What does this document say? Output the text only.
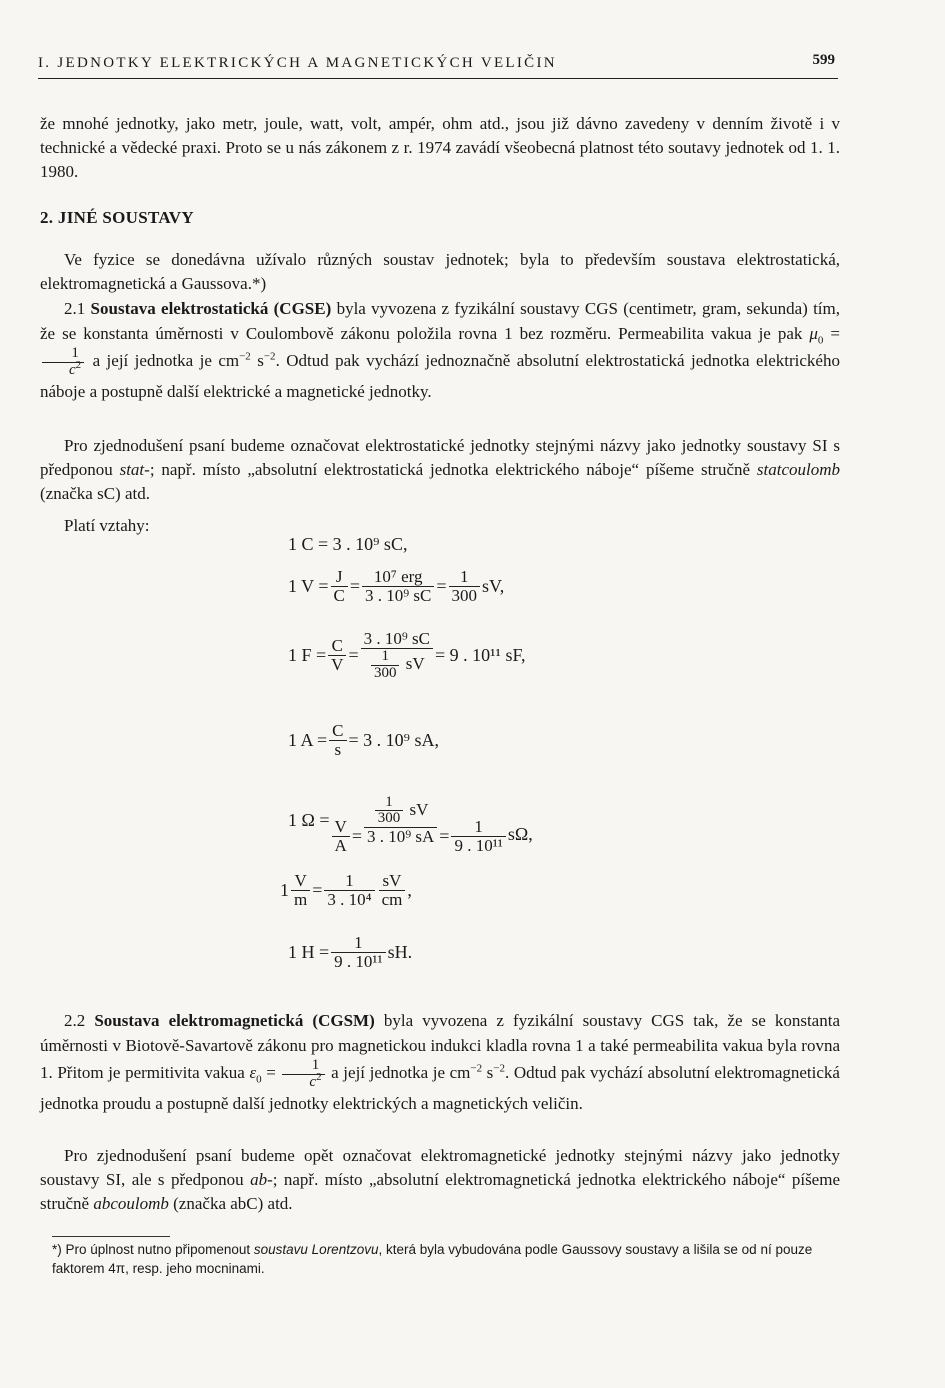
I. JEDNOTKY ELEKTRICKÝCH A MAGNETICKÝCH VELIČIN	599
že mnohé jednotky, jako metr, joule, watt, volt, ampér, ohm atd., jsou již dávno zavedeny v denním životě i v technické a vědecké praxi. Proto se u nás zákonem z r. 1974 zavádí všeobecná platnost této soutavy jednotek od 1. 1. 1980.
2. JINÉ SOUSTAVY
Ve fyzice se donedávna užívalo různých soustav jednotek; byla to především soustava elektrostatická, elektromagnetická a Gaussova.*)
2.1 Soustava elektrostatická (CGSE) byla vyvozena z fyzikální soustavy CGS (centimetr, gram, sekunda) tím, že se konstanta úměrnosti v Coulombově zákonu položila rovna 1 bez rozměru. Permeabilita vakua je pak $\mu_0$ =
$\frac{1}{c^2}$ a její jednotka je $cm^{-2}$ $s^{-2}$. Odtud pak vychází jednoznačně absolutní elektrostatická jednotka elektrického náboje a postupně další elektrické a magnetické jednotky.
Pro zjednodušení psaní budeme označovat elektrostatické jednotky stejnými názvy jako jednotky soustavy SI s předponou stat-; např. místo „absolutní elektrostatická jednotka elektrického náboje“ píšeme stručně statcoulomb (značka sC) atd.
Platí vztahy:
1 C = 3 . 10⁹ sC,
1 $V = \frac{J}{C} = \frac{\text{10⁷ erg}}{\text{3 . 10⁹ sC}} = \frac{1}{300}$ sV,
1 $F = \frac{C}{V} = \frac{\text{3 . 10⁹ sC}}{\frac{1}{300} sV} = 9$ . 10¹¹ sF,
1 $A = \frac{C}{s} = 3$ . 10⁹ sA,
1 $\Omega = \frac{V}{A} = \frac{\frac{1}{300} sV}{\text{3 . 10⁹ sA}} = \frac{1}{\text{9 . 10¹¹}} s\Omega$,
$1 \frac{V}{m} = \frac{1}{\text{3 . 10⁴}} \frac{sV}{cm}$ ,
1 $H = \frac{1}{\text{9 . 10¹¹}}$ sH.
2.2 Soustava elektromagnetická (CGSM) byla vyvozena z fyzikální soustavy CGS tak, že se konstanta úměrnosti v Biotově-Savartově zákonu pro magnetickou indukci kladla rovna 1 a také permeabilita vakua byla rovna 1. Přitom je permitivita vakua $\varepsilon_0 = \frac{1}{c^2}$ a její jednotka je $cm^{-2}$ $s^{-2}$. Odtud pak vychází absolutní elektromagnetická jednotka proudu a postupně další jednotky elektrických a magnetických veličin.
Pro zjednodušení psaní budeme opět označovat elektromagnetické jednotky stejnými názvy jako jednotky soustavy SI, ale s předponou ab-; např. místo „absolutní elektromagnetická jednotka elektrického náboje“ píšeme stručně abcoulomb (značka abC) atd.
*) Pro úplnost nutno připomenout soustavu Lorentzovu, která byla vybudována podle Gaussovy soustavy a lišila se od ní pouze faktorem 4π, resp. jeho mocninami.
